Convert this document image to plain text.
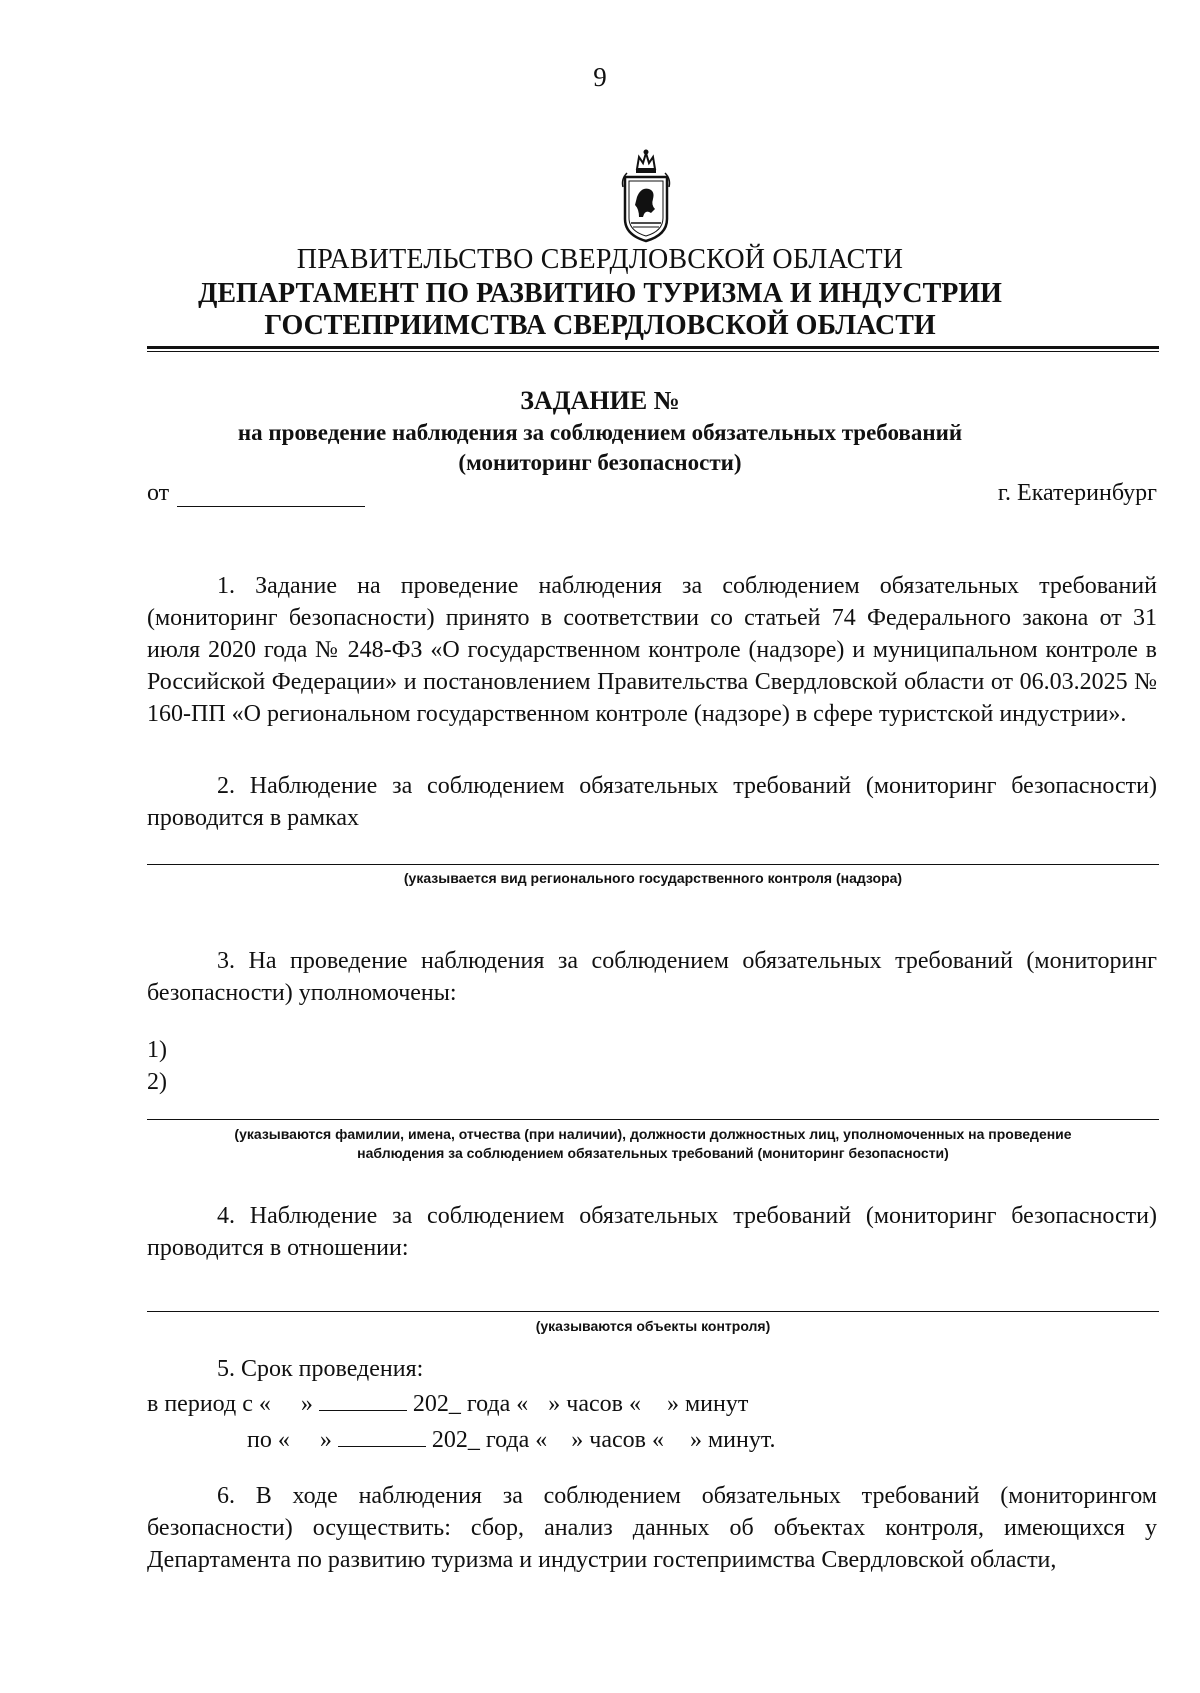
9
ПРАВИТЕЛЬСТВО СВЕРДЛОВСКОЙ ОБЛАСТИ
ДЕПАРТАМЕНТ ПО РАЗВИТИЮ ТУРИЗМА И ИНДУСТРИИ
ГОСТЕПРИИМСТВА СВЕРДЛОВСКОЙ ОБЛАСТИ
ЗАДАНИЕ №
на проведение наблюдения за соблюдением обязательных требований
(мониторинг безопасности)
от	г. Екатеринбург
1. Задание на проведение наблюдения за соблюдением обязательных требований (мониторинг безопасности) принято в соответствии со статьей 74 Федерального закона от 31 июля 2020 года № 248-ФЗ «О государственном контроле (надзоре) и муниципальном контроле в Российской Федерации» и постановлением Правительства Свердловской области от 06.03.2025 № 160-ПП «О региональном государственном контроле (надзоре) в сфере туристской индустрии».
2. Наблюдение за соблюдением обязательных требований (мониторинг безопасности) проводится в рамках
(указывается вид регионального государственного контроля (надзора)
3. На проведение наблюдения за соблюдением обязательных требований (мониторинг безопасности) уполномочены:
1)
2)
(указываются фамилии, имена, отчества (при наличии), должности должностных лиц, уполномоченных на проведение
наблюдения за соблюдением обязательных требований (мониторинг безопасности)
4. Наблюдение за соблюдением обязательных требований (мониторинг безопасности) проводится в отношении:
(указываются объекты контроля)
5. Срок проведения:
в период с « »	202_ года « » часов « » минут
по « »	202_ года « » часов « » минут.
6. В ходе наблюдения за соблюдением обязательных требований (мониторингом безопасности) осуществить: сбор, анализ данных об объектах контроля, имеющихся у Департамента по развитию туризма и индустрии гостеприимства Свердловской области,
